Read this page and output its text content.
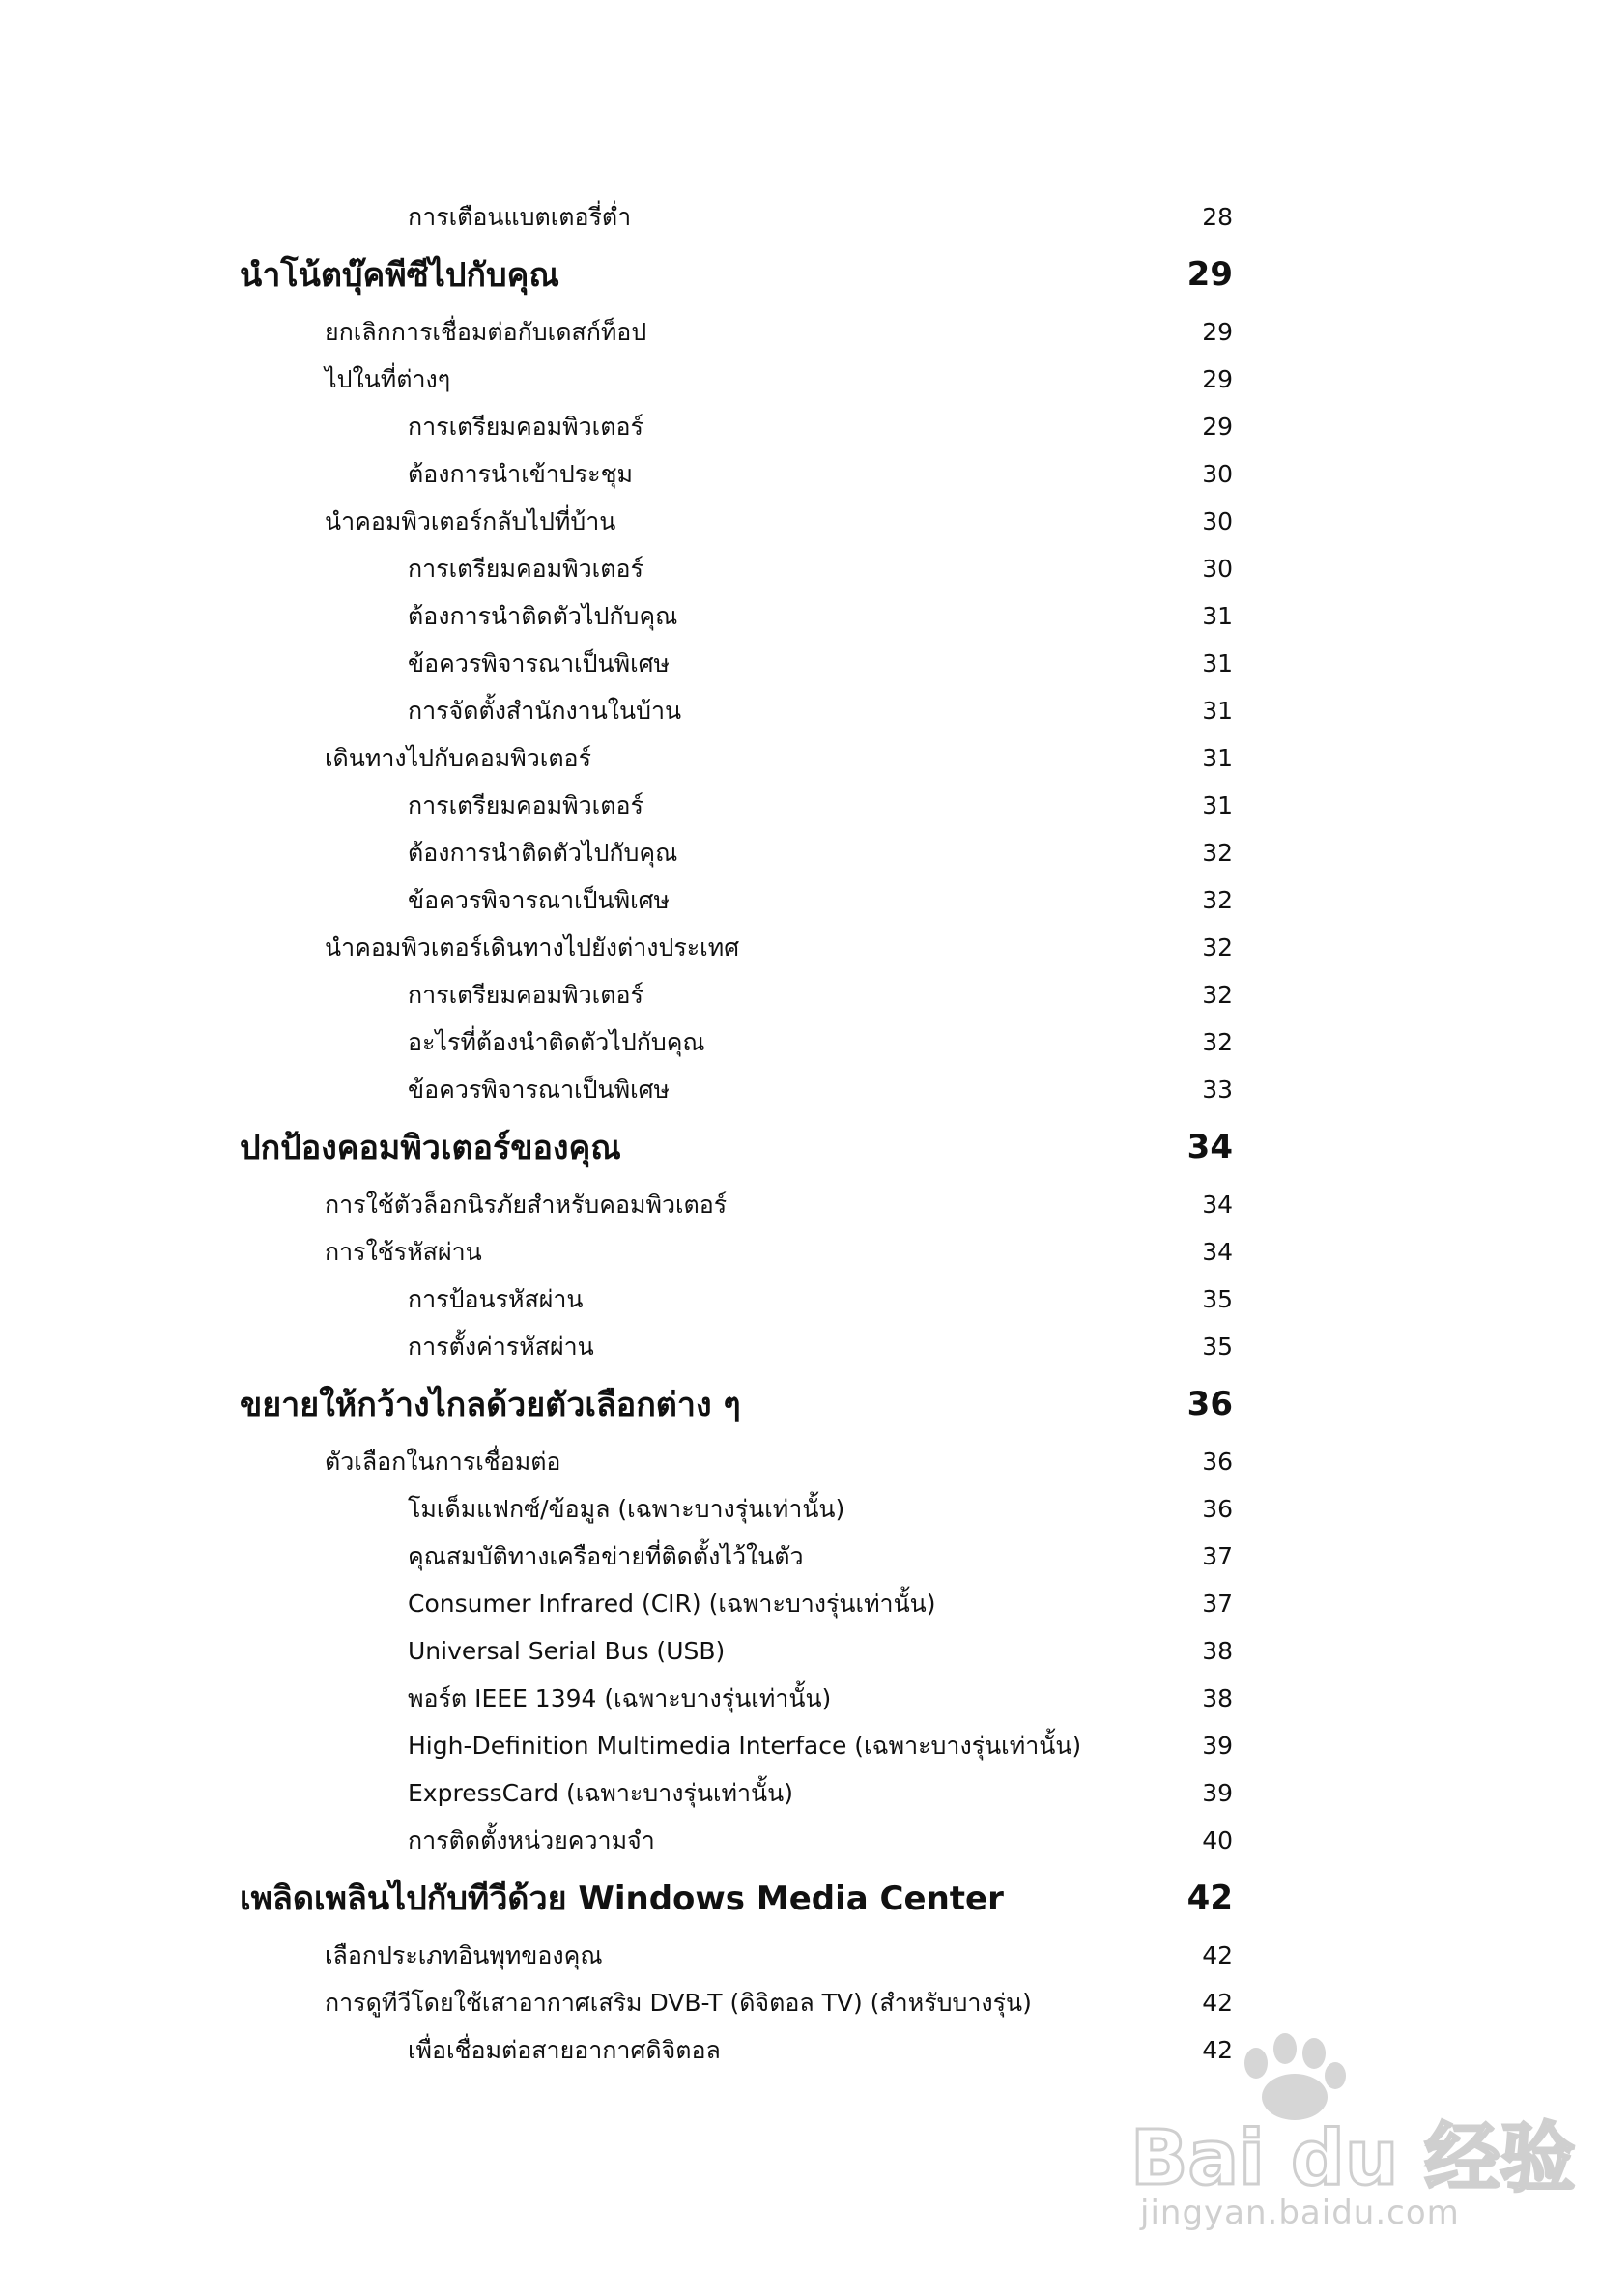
การเตือนแบตเตอรี่ต่ำ	28
นำโน้ตบุ๊คพีซีไปกับคุณ	29
ยกเลิกการเชื่อมต่อกับเดสก์ท็อป	29
ไปในที่ต่างๆ	29
การเตรียมคอมพิวเตอร์	29
ต้องการนำเข้าประชุม	30
นำคอมพิวเตอร์กลับไปที่บ้าน	30
การเตรียมคอมพิวเตอร์	30
ต้องการนำติดตัวไปกับคุณ	31
ข้อควรพิจารณาเป็นพิเศษ	31
การจัดตั้งสำนักงานในบ้าน	31
เดินทางไปกับคอมพิวเตอร์	31
การเตรียมคอมพิวเตอร์	31
ต้องการนำติดตัวไปกับคุณ	32
ข้อควรพิจารณาเป็นพิเศษ	32
นำคอมพิวเตอร์เดินทางไปยังต่างประเทศ	32
การเตรียมคอมพิวเตอร์	32
อะไรที่ต้องนำติดตัวไปกับคุณ	32
ข้อควรพิจารณาเป็นพิเศษ	33
ปกป้องคอมพิวเตอร์ของคุณ	34
การใช้ตัวล็อกนิรภัยสำหรับคอมพิวเตอร์	34
การใช้รหัสผ่าน	34
การป้อนรหัสผ่าน	35
การตั้งค่ารหัสผ่าน	35
ขยายให้กว้างไกลด้วยตัวเลือกต่าง ๆ	36
ตัวเลือกในการเชื่อมต่อ	36
โมเด็มแฟกซ์/ข้อมูล (เฉพาะบางรุ่นเท่านั้น)	36
คุณสมบัติทางเครือข่ายที่ติดตั้งไว้ในตัว	37
Consumer Infrared (CIR) (เฉพาะบางรุ่นเท่านั้น)	37
Universal Serial Bus (USB)	38
พอร์ต IEEE 1394 (เฉพาะบางรุ่นเท่านั้น)	38
High-Definition Multimedia Interface (เฉพาะบางรุ่นเท่านั้น)	39
ExpressCard (เฉพาะบางรุ่นเท่านั้น)	39
การติดตั้งหน่วยความจำ	40
เพลิดเพลินไปกับทีวีด้วย Windows Media Center	42
เลือกประเภทอินพุทของคุณ	42
การดูทีวีโดยใช้เสาอากาศเสริม DVB-T (ดิจิตอล TV) (สำหรับบางรุ่น)	42
เพื่อเชื่อมต่อสายอากาศดิจิตอล	42
Bai du 经验
jingyan.baidu.com
